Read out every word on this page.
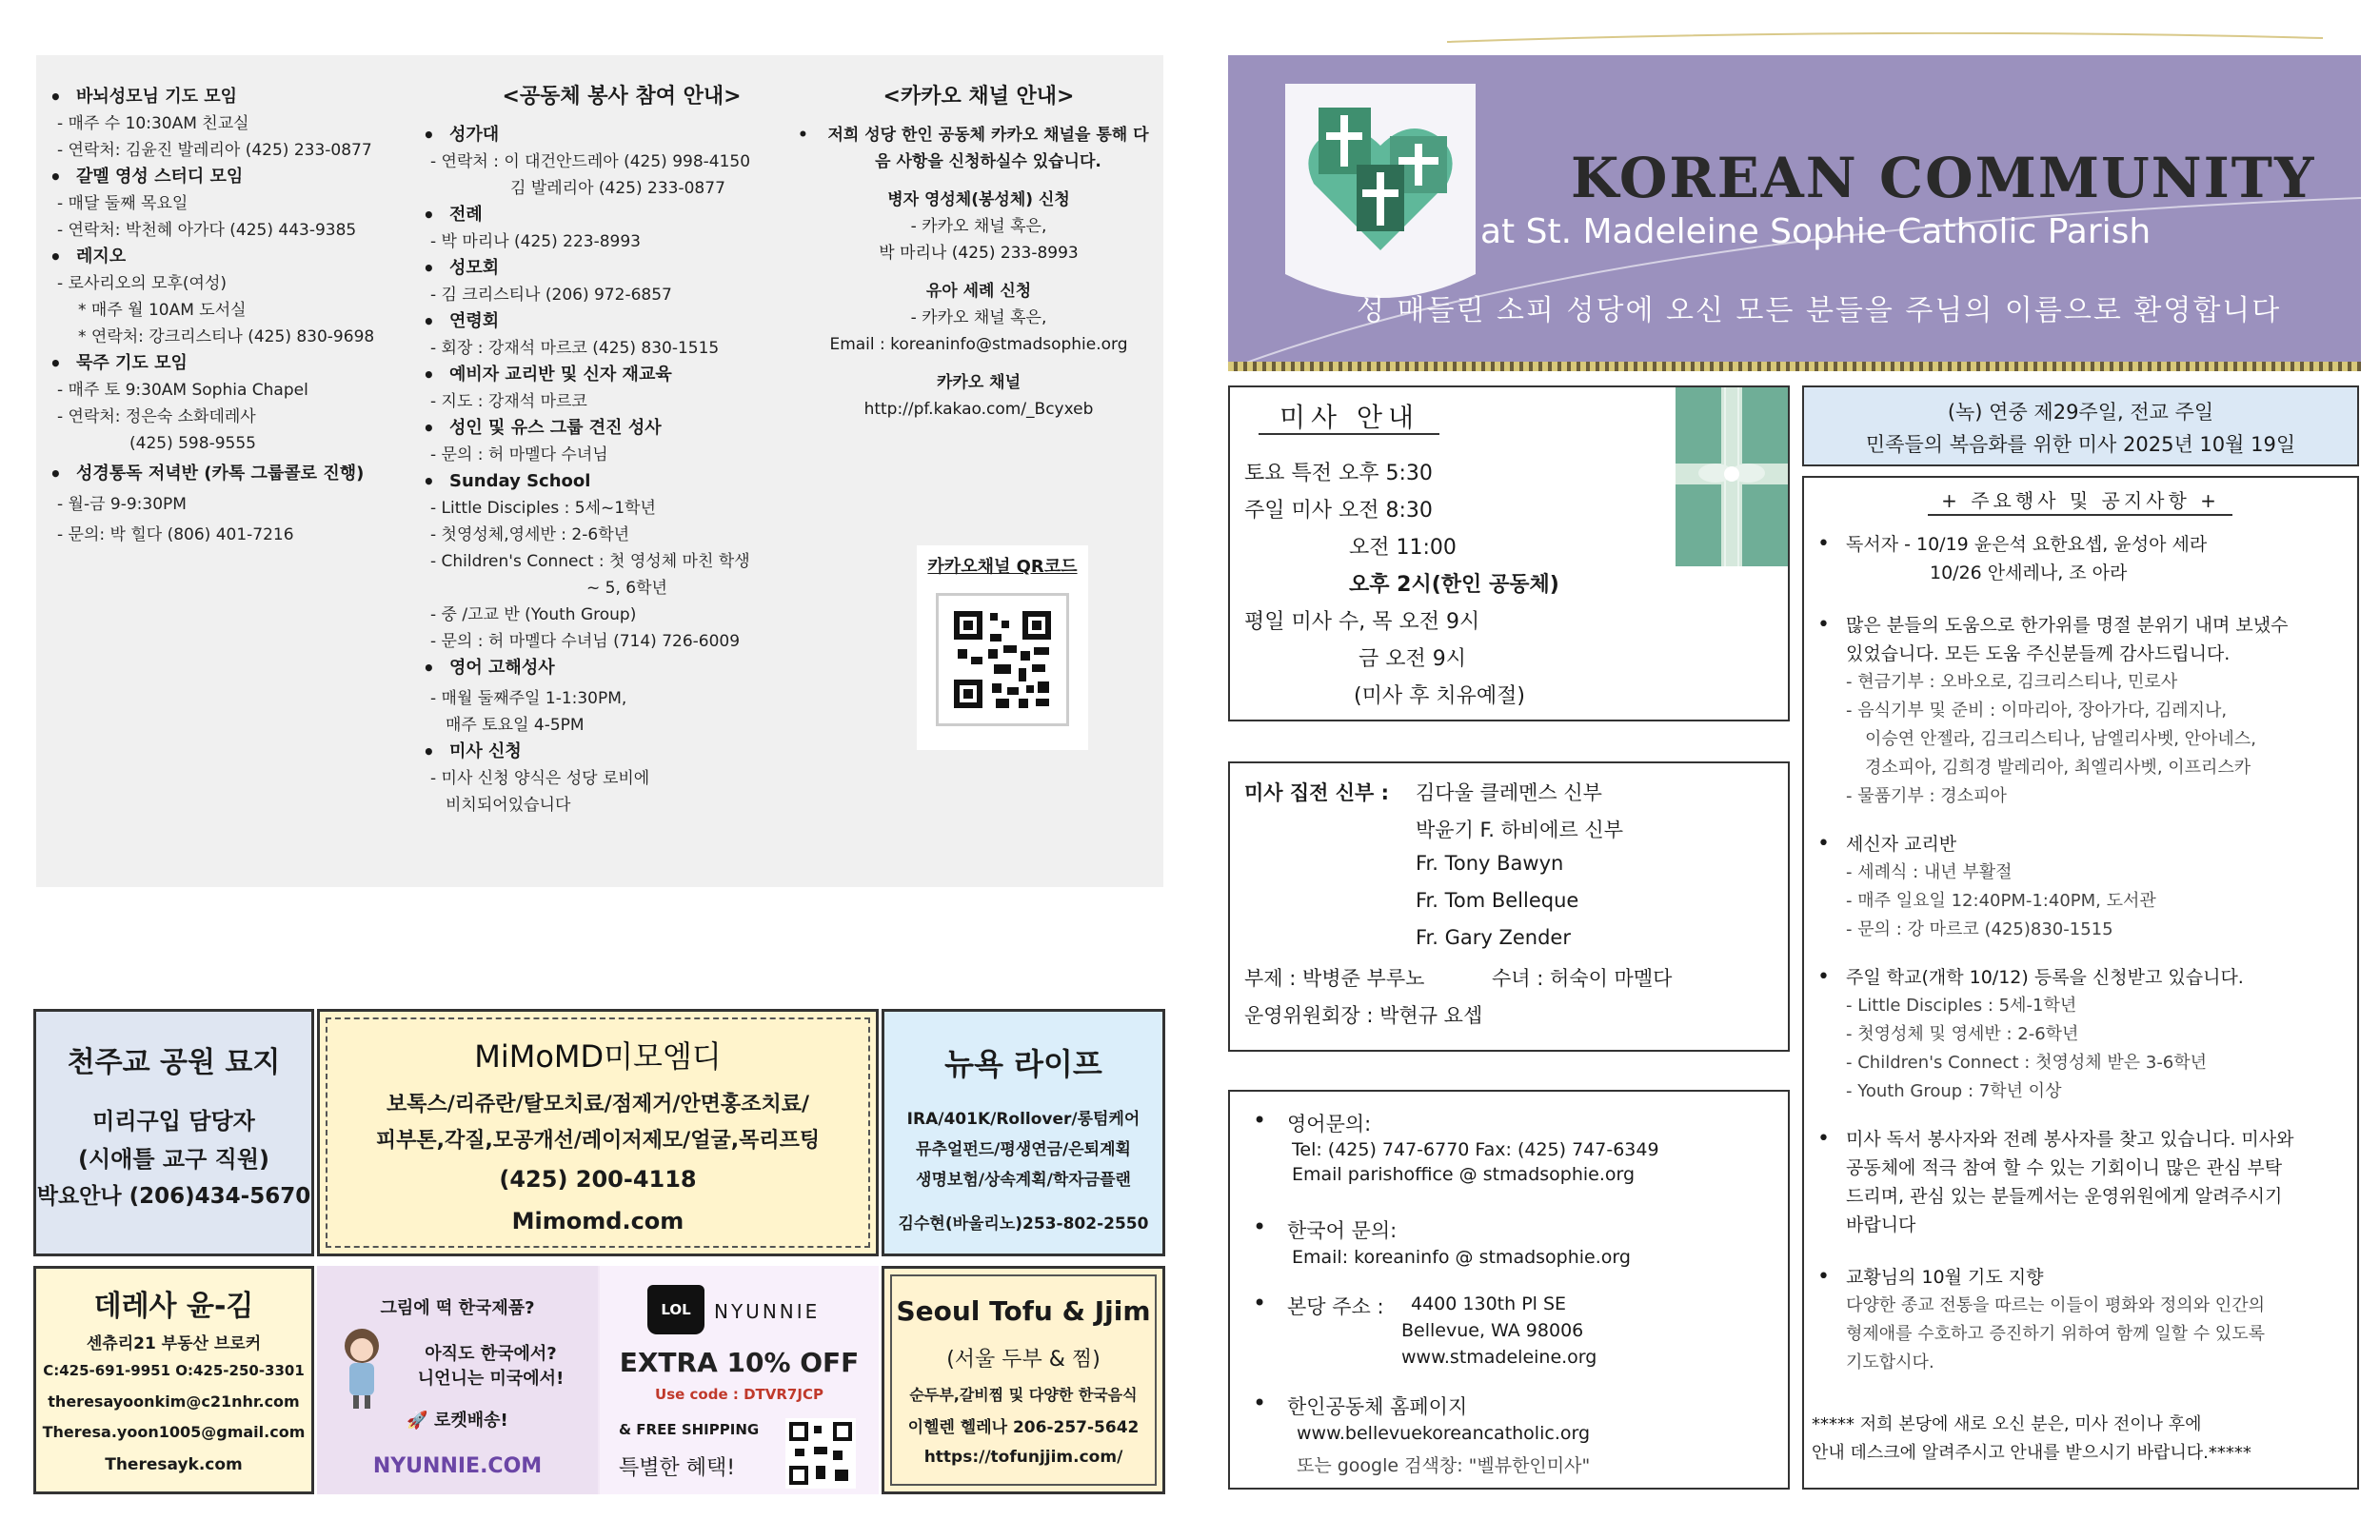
• 바뇌성모님 기도 모임
- 매주 수 10:30AM 친교실
- 연락처: 김윤진 발레리아 (425) 233-0877
• 갈멜 영성 스터디 모임
- 매달 둘째 목요일
- 연락처: 박천혜 아가다 (425) 443-9385
• 레지오
- 로사리오의 모후(여성)
* 매주 월 10AM 도서실
* 연락처: 강크리스티나 (425) 830-9698
• 묵주 기도 모임
- 매주 토 9:30AM Sophia Chapel
- 연락처: 정은숙 소화데레사
(425) 598-9555
• 성경통독 저녁반 (카톡 그룹콜로 진행)
- 월-금 9-9:30PM
- 문의: 박 힐다 (806) 401-7216
<공동체 봉사 참여 안내>
• 성가대
- 연락처 : 이 대건안드레아 (425) 998-4150
김 발레리아 (425) 233-0877
• 전례
- 박 마리나 (425) 223-8993
• 성모회
- 김 크리스티나 (206) 972-6857
• 연령회
- 회장 : 강재석 마르코 (425) 830-1515
• 예비자 교리반 및 신자 재교육
- 지도 : 강재석 마르코
• 성인 및 유스 그룹 견진 성사
- 문의 : 허 마멜다 수녀님
• Sunday School
- Little Disciples : 5세~1학년
- 첫영성체,영세반 : 2-6학년
- Children's Connect : 첫 영성체 마친 학생
~ 5, 6학년
- 중 /고교 반 (Youth Group)
- 문의 : 허 마멜다 수녀님 (714) 726-6009
• 영어 고해성사
- 매월 둘째주일 1-1:30PM,
매주 토요일 4-5PM
• 미사 신청
- 미사 신청 양식은 성당 로비에
비치되어있습니다
<카카오 채널 안내>
• 저희 성당 한인 공동체 카카오 채널을 통해 다음 사항을 신청하실수 있습니다.
병자 영성체(봉성체) 신청
- 카카오 채널 혹은,
박 마리나 (425) 233-8993
유아 세례 신청
- 카카오 채널 혹은,
Email : koreaninfo@stmadsophie.org
카카오 채널
http://pf.kakao.com/_Bcyxeb
카카오채널 QR코드
천주교 공원 묘지
미리구입 담당자
(시애틀 교구 직원)
박요안나 (206)434-5670
MiMoMD미모엠디
보톡스/리쥬란/탈모치료/점제거/안면홍조치료/
피부톤,각질,모공개선/레이저제모/얼굴,목리프팅
(425) 200-4118
Mimomd.com
뉴욕 라이프
IRA/401K/Rollover/롱텀케어
뮤추얼펀드/평생연금/은퇴계획
생명보험/상속계획/학자금플랜
김수현(바울리노)253-802-2550
데레사 윤-김
센츄리21 부동산 브로커
C:425-691-9951 O:425-250-3301
theresayoonkim@c21nhr.com
Theresa.yoon1005@gmail.com
Theresayk.com
그림에 떡 한국제품?
아직도 한국에서?
니언니는 미국에서!
🚀 로켓배송!
NYUNNIE.COM
LOL	NYUNNIE
EXTRA 10% OFF
Use code : DTVR7JCP
& FREE SHIPPING
특별한 혜택!
Seoul Tofu & Jjim
(서울 두부 & 찜)
순두부,갈비찜 및 다양한 한국음식
이헬렌 헬레나 206-257-5642
https://tofunjjim.com/
KOREAN COMMUNITY
at St. Madeleine Sophie Catholic Parish
성 매들린 소피 성당에 오신 모든 분들을 주님의 이름으로 환영합니다
미사 안내
토요 특전 오후 5:30
주일 미사 오전 8:30
오전 11:00
오후 2시(한인 공동체)
평일 미사 수, 목 오전 9시
금 오전 9시
(미사 후 치유예절)
(녹) 연중 제29주일, 전교 주일
민족들의 복음화를 위한 미사 2025년 10월 19일
미사 집전 신부 : 김다울 클레멘스 신부
박윤기 F. 하비에르 신부
Fr. Tony Bawyn
Fr. Tom Belleque
Fr. Gary Zender
부제 : 박병준 부루노	수녀 : 허숙이 마멜다
운영위원회장 : 박현규 요셉
• 영어문의:
Tel: (425) 747-6770 Fax: (425) 747-6349
Email parishoffice @ stmadsophie.org
• 한국어 문의:
Email: koreaninfo @ stmadsophie.org
• 본당 주소 : 4400 130th Pl SE
Bellevue, WA 98006
www.stmadeleine.org
• 한인공동체 홈페이지
www.bellevuekoreancatholic.org
또는 google 검색창: "벨뷰한인미사"
+ 주요행사 및 공지사항 +
• 독서자 - 10/19 윤은석 요한요셉, 윤성아 세라
10/26 안세레나, 조 아라
• 많은 분들의 도움으로 한가위를 명절 분위기 내며 보냈수
있었습니다. 모든 도움 주신분들께 감사드립니다.
- 현금기부 : 오바오로, 김크리스티나, 민로사
- 음식기부 및 준비 : 이마리아, 장아가다, 김레지나,
이승연 안젤라, 김크리스티나, 남엘리사벳, 안아네스,
경소피아, 김희경 발레리아, 최엘리사벳, 이프리스카
- 물품기부 : 경소피아
• 세신자 교리반
- 세례식 : 내년 부활절
- 매주 일요일 12:40PM-1:40PM, 도서관
- 문의 : 강 마르코 (425)830-1515
• 주일 학교(개학 10/12) 등록을 신청받고 있습니다.
- Little Disciples : 5세-1학년
- 첫영성체 및 영세반 : 2-6학년
- Children's Connect : 첫영성체 받은 3-6학년
- Youth Group : 7학년 이상
• 미사 독서 봉사자와 전례 봉사자를 찾고 있습니다. 미사와
공동체에 적극 참여 할 수 있는 기회이니 많은 관심 부탁
드리며, 관심 있는 분들께서는 운영위원에게 알려주시기
바랍니다
• 교황님의 10월 기도 지향
다양한 종교 전통을 따르는 이들이 평화와 정의와 인간의
형제애를 수호하고 증진하기 위하여 함께 일할 수 있도록
기도합시다.
***** 저희 본당에 새로 오신 분은, 미사 전이나 후에
안내 데스크에 알려주시고 안내를 받으시기 바랍니다.*****
